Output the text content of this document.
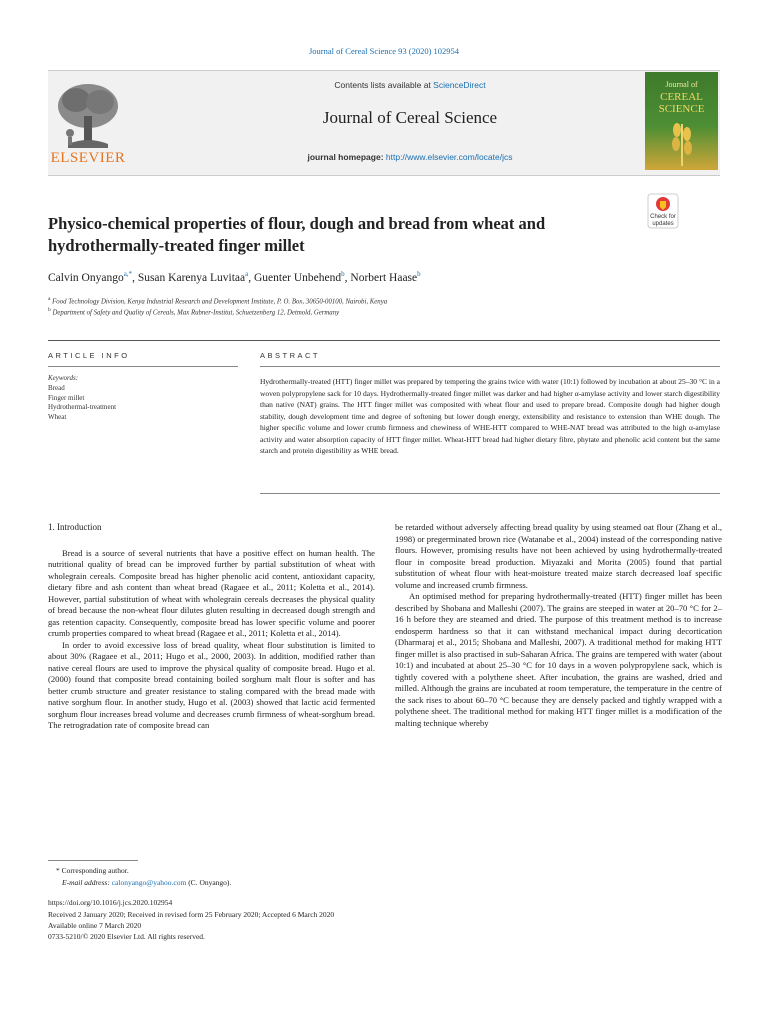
Journal of Cereal Science 93 (2020) 102954
ELSEVIER
Contents lists available at ScienceDirect
Journal of Cereal Science
journal homepage: http://www.elsevier.com/locate/jcs
Journal of
CEREAL
SCIENCE
Check for updates
Physico-chemical properties of flour, dough and bread from wheat and hydrothermally-treated finger millet
Calvin Onyango$^{a,*}$, Susan Karenya Luvitaa$^a$, Guenter Unbehend$^b$, Norbert Haase$^b$
$^a$ Food Technology Division, Kenya Industrial Research and Development Institute, P. O. Box, 30650-00100, Nairobi, Kenya
$^b$ Department of Safety and Quality of Cereals, Max Rubner-Institut, Schuetzenberg 12, Detmold, Germany
ARTICLE INFO	ABSTRACT
Keywords:
Bread
Finger millet
Hydrothermal-treatment
Wheat
Hydrothermally-treated (HTT) finger millet was prepared by tempering the grains twice with water (10:1) followed by incubation at about 25–30 °C in a woven polypropylene sack for 10 days. Hydrothermally-treated finger millet was darker and had higher α-amylase activity and lower starch digestibility than native (NAT) grains. The HTT finger millet was composited with wheat flour and used to prepare bread. Composite dough had higher dough stability, dough development time and degree of softening but lower dough energy, extensibility and resistance to extension than WHE dough. The higher specific volume and lower crumb firmness and chewiness of WHE-HTT compared to WHE-NAT bread was attributed to the high α-amylase activity and water absorption capacity of HTT finger millet. Wheat-HTT bread had higher dietary fibre, phytate and phenolic acid content but the same starch and protein digestibility as WHE bread.

1. Introduction

Bread is a source of several nutrients that have a positive effect on human health. The nutritional quality of bread can be improved further by partial substitution of wheat with wholegrain cereals. Composite bread has higher phenolic acid content, antioxidant capacity, dietary fibre and ash content than wheat bread (Ragaee et al., 2011; Koletta et al., 2014). However, partial substitution of wheat with wholegrain cereals decreases the physical quality of bread because the non-wheat flour dilutes gluten resulting in decreased dough strength and gas retention capacity. Consequently, composite bread has lower specific volume and poorer crumb properties compared to wheat bread (Ragaee et al., 2011; Koletta et al., 2014).

In order to avoid excessive loss of bread quality, wheat flour substitution is limited to about 30% (Ragaee et al., 2011; Hugo et al., 2000, 2003). In addition, modified rather than native cereal flours are used to improve the physical quality of composite bread. Hugo et al. (2000) found that composite bread containing boiled sorghum malt flour is softer and has better crumb structure and greater resistance to staling compared with the bread made with native sorghum flour. In another study, Hugo et al. (2003) showed that lactic acid fermented sorghum flour increases bread volume and decreases crumb firmness of wheat-sorghum bread. The retrogradation rate of composite bread can

be retarded without adversely affecting bread quality by using steamed oat flour (Zhang et al., 1998) or pregerminated brown rice (Watanabe et al., 2004) instead of the corresponding native flours. However, promising results have not been achieved by using hydrothermally-treated flour in composite bread production. Miyazaki and Morita (2005) found that partial substitution of wheat flour with heat-moisture treated maize starch decreased loaf specific volume and increased crumb firmness.

An optimised method for preparing hydrothermally-treated (HTT) finger millet has been described by Shobana and Malleshi (2007). The grains are steeped in water at 20–70 °C for 2–16 h before they are steamed and dried. The purpose of this treatment method is to increase endosperm hardness so that it can withstand mechanical impact during decortication (Dharmaraj et al., 2015; Shobana and Malleshi, 2007). A traditional method for making HTT finger millet is also practised in sub-Saharan Africa. The grains are tempered with water (about 10:1) and incubated at about 25–30 °C for 10 days in a woven polypropylene sack, which is tightly covered with a polythene sheet. After incubation, the grains are washed, dried and milled. Although the grains are incubated at room temperature, the temperature in the centre of the sack rises to about 60–70 °C because they are densely packed and tightly wrapped with a polythene sheet. The traditional method for making HTT finger millet is a modification of the malting technique whereby

* Corresponding author.
E-mail address: calonyango@yahoo.com (C. Onyango).
https://doi.org/10.1016/j.jcs.2020.102954
Received 2 January 2020; Received in revised form 25 February 2020; Accepted 6 March 2020
Available online 7 March 2020
0733-5210/© 2020 Elsevier Ltd. All rights reserved.
